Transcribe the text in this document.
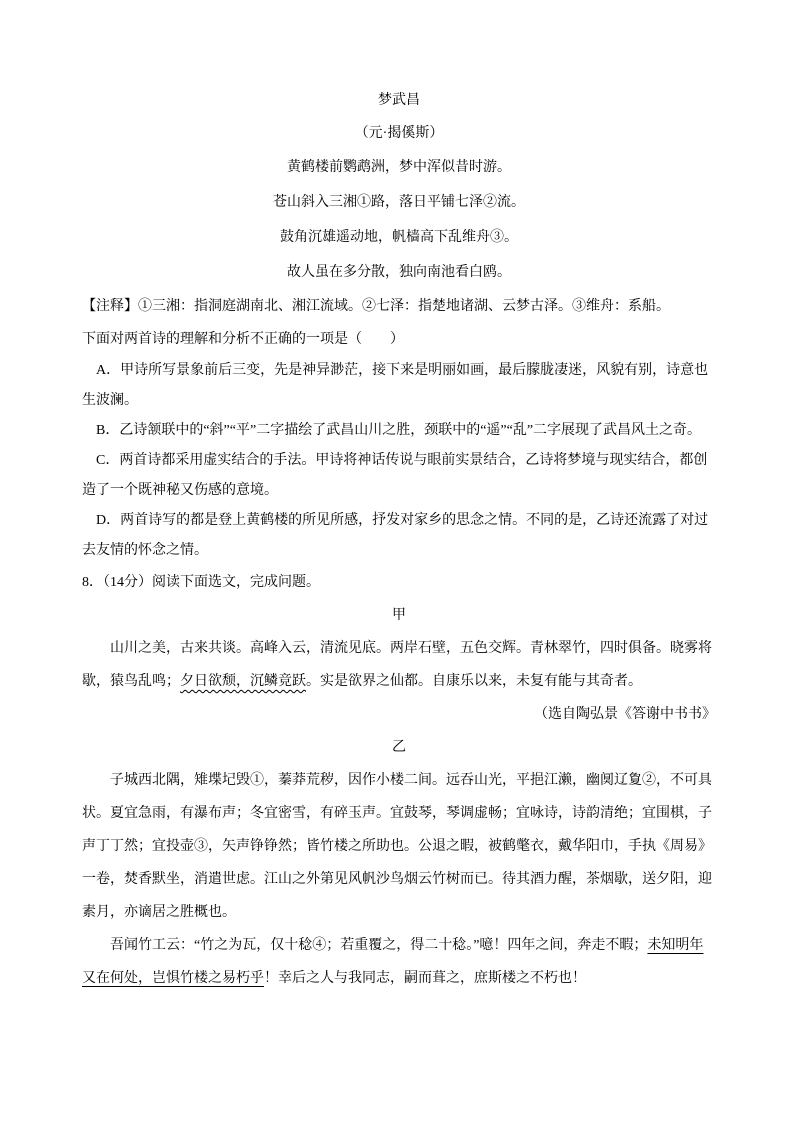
梦武昌
（元·揭傒斯）
黄鹤楼前鹦鹉洲，梦中浑似昔时游。
苍山斜入三湘①路，落日平铺七泽②流。
鼓角沉雄遥动地，帆樯高下乱维舟③。
故人虽在多分散，独向南池看白鸥。

【注释】①三湘：指洞庭湖南北、湘江流域。②七泽：指楚地诸湖、云梦古泽。③维舟：系船。

下面对两首诗的理解和分析不正确的一项是（　　）

A．甲诗所写景象前后三变，先是神异渺茫，接下来是明丽如画，最后朦胧凄迷，风貌有别，诗意也生波澜。

B．乙诗颔联中的“斜”“平”二字描绘了武昌山川之胜，颈联中的“遥”“乱”二字展现了武昌风土之奇。

C．两首诗都采用虚实结合的手法。甲诗将神话传说与眼前实景结合，乙诗将梦境与现实结合，都创造了一个既神秘又伤感的意境。

D．两首诗写的都是登上黄鹤楼的所见所感，抒发对家乡的思念之情。不同的是，乙诗还流露了对过去友情的怀念之情。

8．（14分）阅读下面选文，完成问题。

甲

山川之美，古来共谈。高峰入云，清流见底。两岸石壁，五色交辉。青林翠竹，四时俱备。晓雾将歇，猿鸟乱鸣；夕日欲颓，沉鳞竞跃。实是欲界之仙都。自康乐以来，未复有能与其奇者。

（选自陶弘景《答谢中书书》

乙

子城西北隅，雉堞圮毁①，蓁莽荒秽，因作小楼二间。远吞山光，平挹江濑，幽阒辽夐②，不可具状。夏宜急雨，有瀑布声；冬宜密雪，有碎玉声。宜鼓琴，琴调虚畅；宜咏诗，诗韵清绝；宜围棋，子声丁丁然；宜投壶③，矢声铮铮然；皆竹楼之所助也。公退之暇，被鹤氅衣，戴华阳巾，手执《周易》一卷，焚香默坐，消遣世虑。江山之外第见风帆沙鸟烟云竹树而已。待其酒力醒，茶烟歇，送夕阳，迎素月，亦谪居之胜概也。

吾闻竹工云：“竹之为瓦，仅十稔④；若重覆之，得二十稔。”噫！四年之间，奔走不暇；未知明年又在何处，岂惧竹楼之易朽乎！幸后之人与我同志，嗣而葺之，庶斯楼之不朽也！
